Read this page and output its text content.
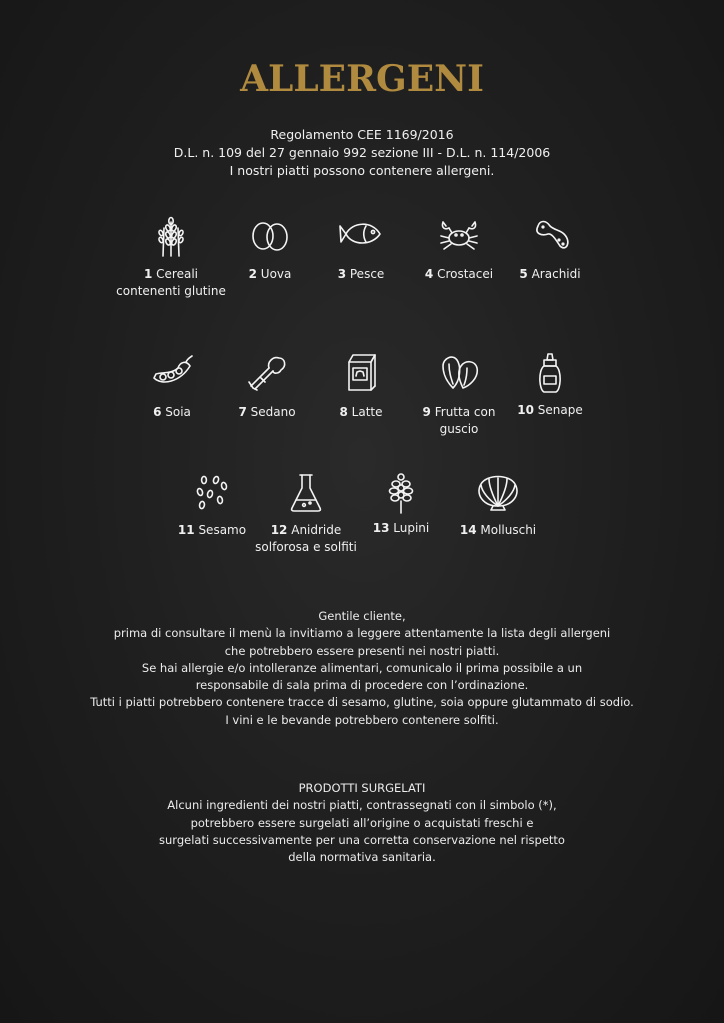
ALLERGENI
Regolamento CEE 1169/2016
D.L. n. 109 del 27 gennaio 992 sezione III - D.L. n. 114/2006
I nostri piatti possono contenere allergeni.
1 Cereali contenenti glutine
2 Uova	3 Pesce	4 Crostacei	5 Arachidi
6 Soia	7 Sedano	8 Latte	9 Frutta con guscio
10 Senape
11 Sesamo	12 Anidride solforosa e solfiti
13 Lupini	14 Molluschi
Gentile cliente,
prima di consultare il menù la invitiamo a leggere attentamente la lista degli allergeni
che potrebbero essere presenti nei nostri piatti.
Se hai allergie e/o intolleranze alimentari, comunicalo il prima possibile a un
responsabile di sala prima di procedere con l’ordinazione.
Tutti i piatti potrebbero contenere tracce di sesamo, glutine, soia oppure glutammato di sodio.
I vini e le bevande potrebbero contenere solfiti.
PRODOTTI SURGELATI
Alcuni ingredienti dei nostri piatti, contrassegnati con il simbolo (*),
potrebbero essere surgelati all’origine o acquistati freschi e
surgelati successivamente per una corretta conservazione nel rispetto
della normativa sanitaria.
